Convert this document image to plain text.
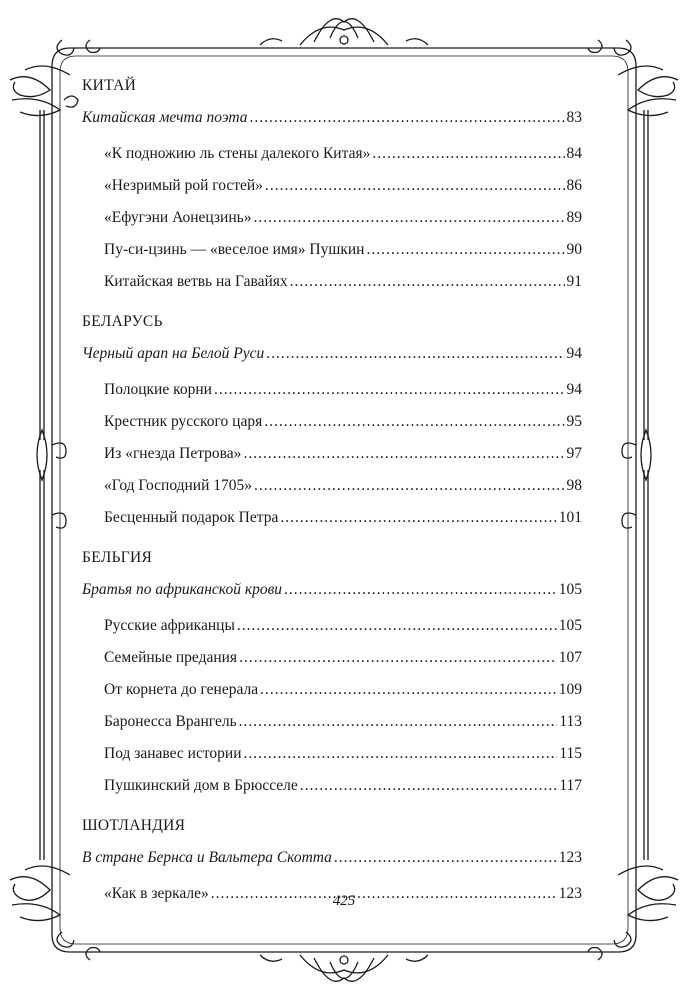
КИТАЙ
Китайская мечта поэта .....	83
«К подножию ль стены далекого Китая» .....	84
«Незримый рой гостей» .....	86
«Ефугэни Аонецзинь» .....	89
Пу-си-цзинь — «веселое имя» Пушкин .....	90
Китайская ветвь на Гавайях .....	91
БЕЛАРУСЬ
Черный арап на Белой Руси .....	94
Полоцкие корни .....	94
Крестник русского царя .....	95
Из «гнезда Петрова» .....	97
«Год Господний 1705» .....	98
Бесценный подарок Петра .....	101
БЕЛЬГИЯ
Братья по африканской крови .....	105
Русские африканцы .....	105
Семейные предания .....	107
От корнета до генерала .....	109
Баронесса Врангель .....	113
Под занавес истории .....	115
Пушкинский дом в Брюсселе .....	117
ШОТЛАНДИЯ
В стране Бернса и Вальтера Скотта .....	123
«Как в зеркале» .....	123
425
